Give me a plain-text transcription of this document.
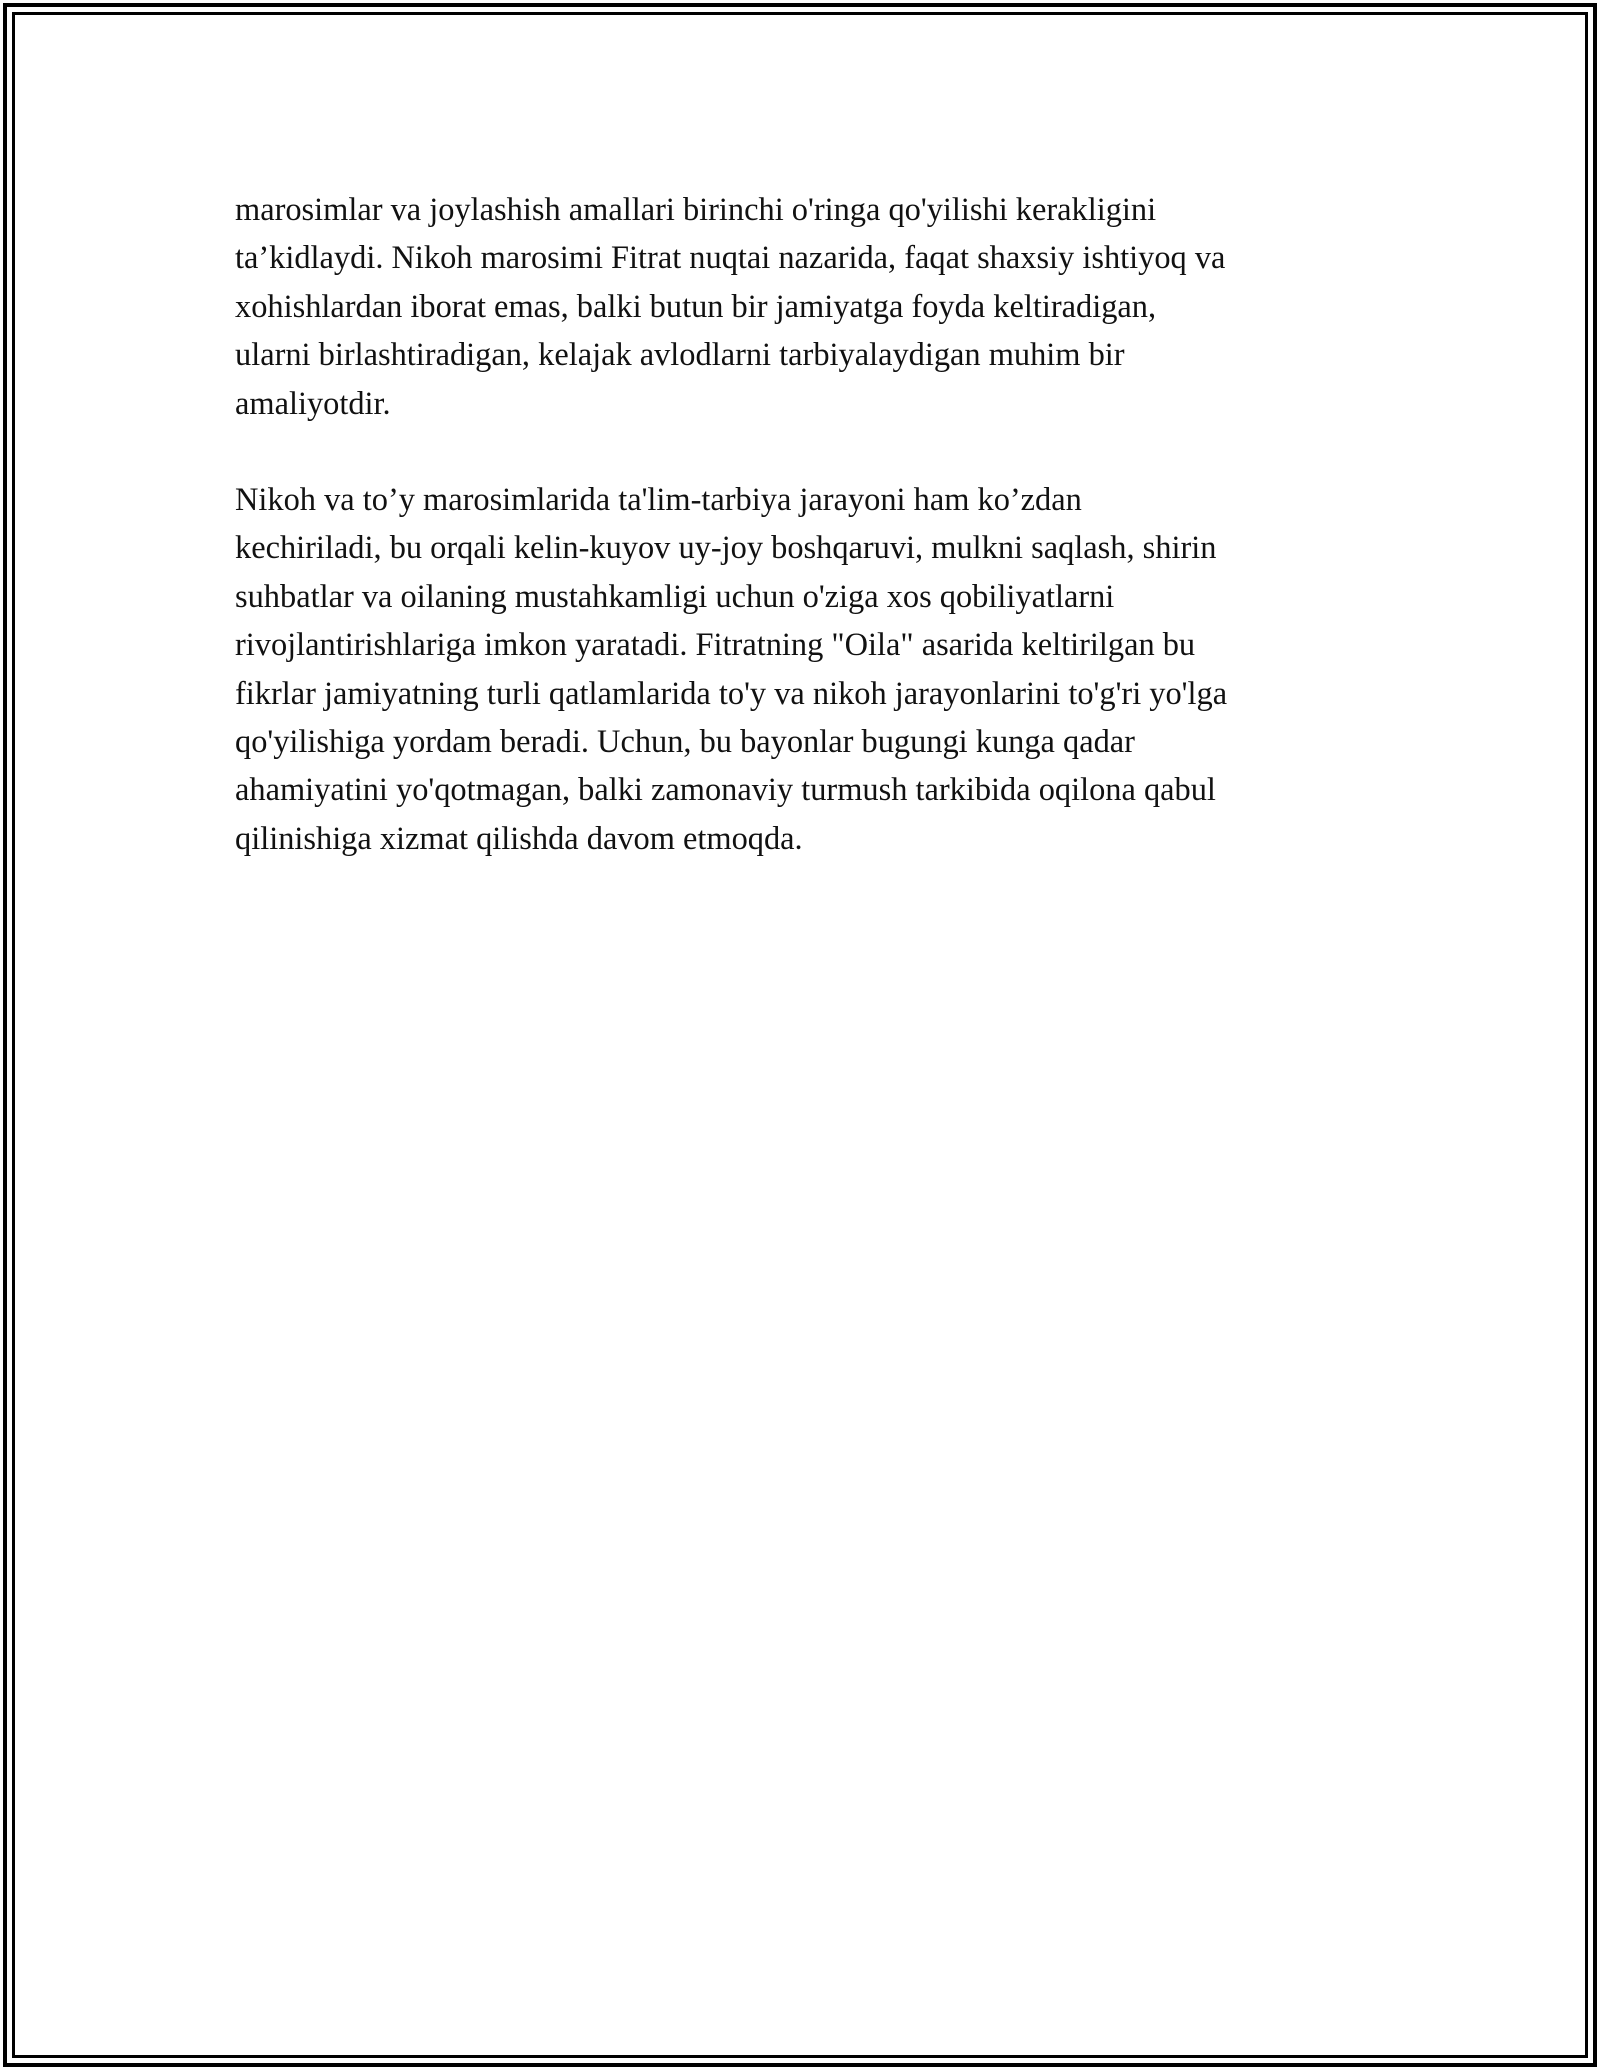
marosimlar va joylashish amallari birinchi o'ringa qo'yilishi kerakligini
ta’kidlaydi. Nikoh marosimi Fitrat nuqtai nazarida, faqat shaxsiy ishtiyoq va
xohishlardan iborat emas, balki butun bir jamiyatga foyda keltiradigan,
ularni birlashtiradigan, kelajak avlodlarni tarbiyalaydigan muhim bir
amaliyotdir.

Nikoh va to’y marosimlarida ta'lim-tarbiya jarayoni ham ko’zdan
kechiriladi, bu orqali kelin-kuyov uy-joy boshqaruvi, mulkni saqlash, shirin
suhbatlar va oilaning mustahkamligi uchun o'ziga xos qobiliyatlarni
rivojlantirishlariga imkon yaratadi. Fitratning "Oila" asarida keltirilgan bu
fikrlar jamiyatning turli qatlamlarida to'y va nikoh jarayonlarini to'g'ri yo'lga
qo'yilishiga yordam beradi. Uchun, bu bayonlar bugungi kunga qadar
ahamiyatini yo'qotmagan, balki zamonaviy turmush tarkibida oqilona qabul
qilinishiga xizmat qilishda davom etmoqda.
